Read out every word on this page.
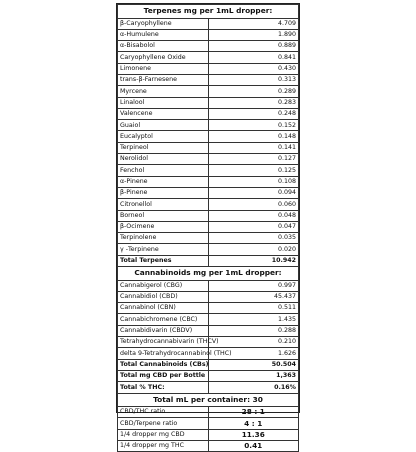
Terpenes mg per 1mL dropper:	
β-Caryophyllene	4.709
α-Humulene	1.890
α-Bisabolol	0.889
Caryophyllene Oxide	0.841
Limonene	0.430
trans-β-Farnesene	0.313
Myrcene	0.289
Linalool	0.283
Valencene	0.248
Guaiol	0.152
Eucalyptol	0.148
Terpineol	0.141
Nerolidol	0.127
Fenchol	0.125
α-Pinene	0.108
β-Pinene	0.094
Citronellol	0.060
Borneol	0.048
β-Ocimene	0.047
Terpinolene	0.035
γ -Terpinene	0.020
Total Terpenes	10.942
Cannabinoids mg per 1mL dropper:	
Cannabigerol (CBG)	0.997
Cannabidiol (CBD)	45.437
Cannabinol (CBN)	0.511
Cannabichromene (CBC)	1.435
Cannabidivarin (CBDV)	0.288
Tetrahydrocannabivarin (THCV)	0.210
delta 9-Tetrahydrocannabinol (THC)	1.626
Total Cannabinoids (CBs)	50.504
Total mg CBD per Bottle	1,363
Total % THC:	0.16%
Total mL per container: 30	
CBD/THC ratio	28 : 1
CBD/Terpene ratio	4 : 1
1/4 dropper mg CBD	11.36
1/4 dropper mg THC	0.41
